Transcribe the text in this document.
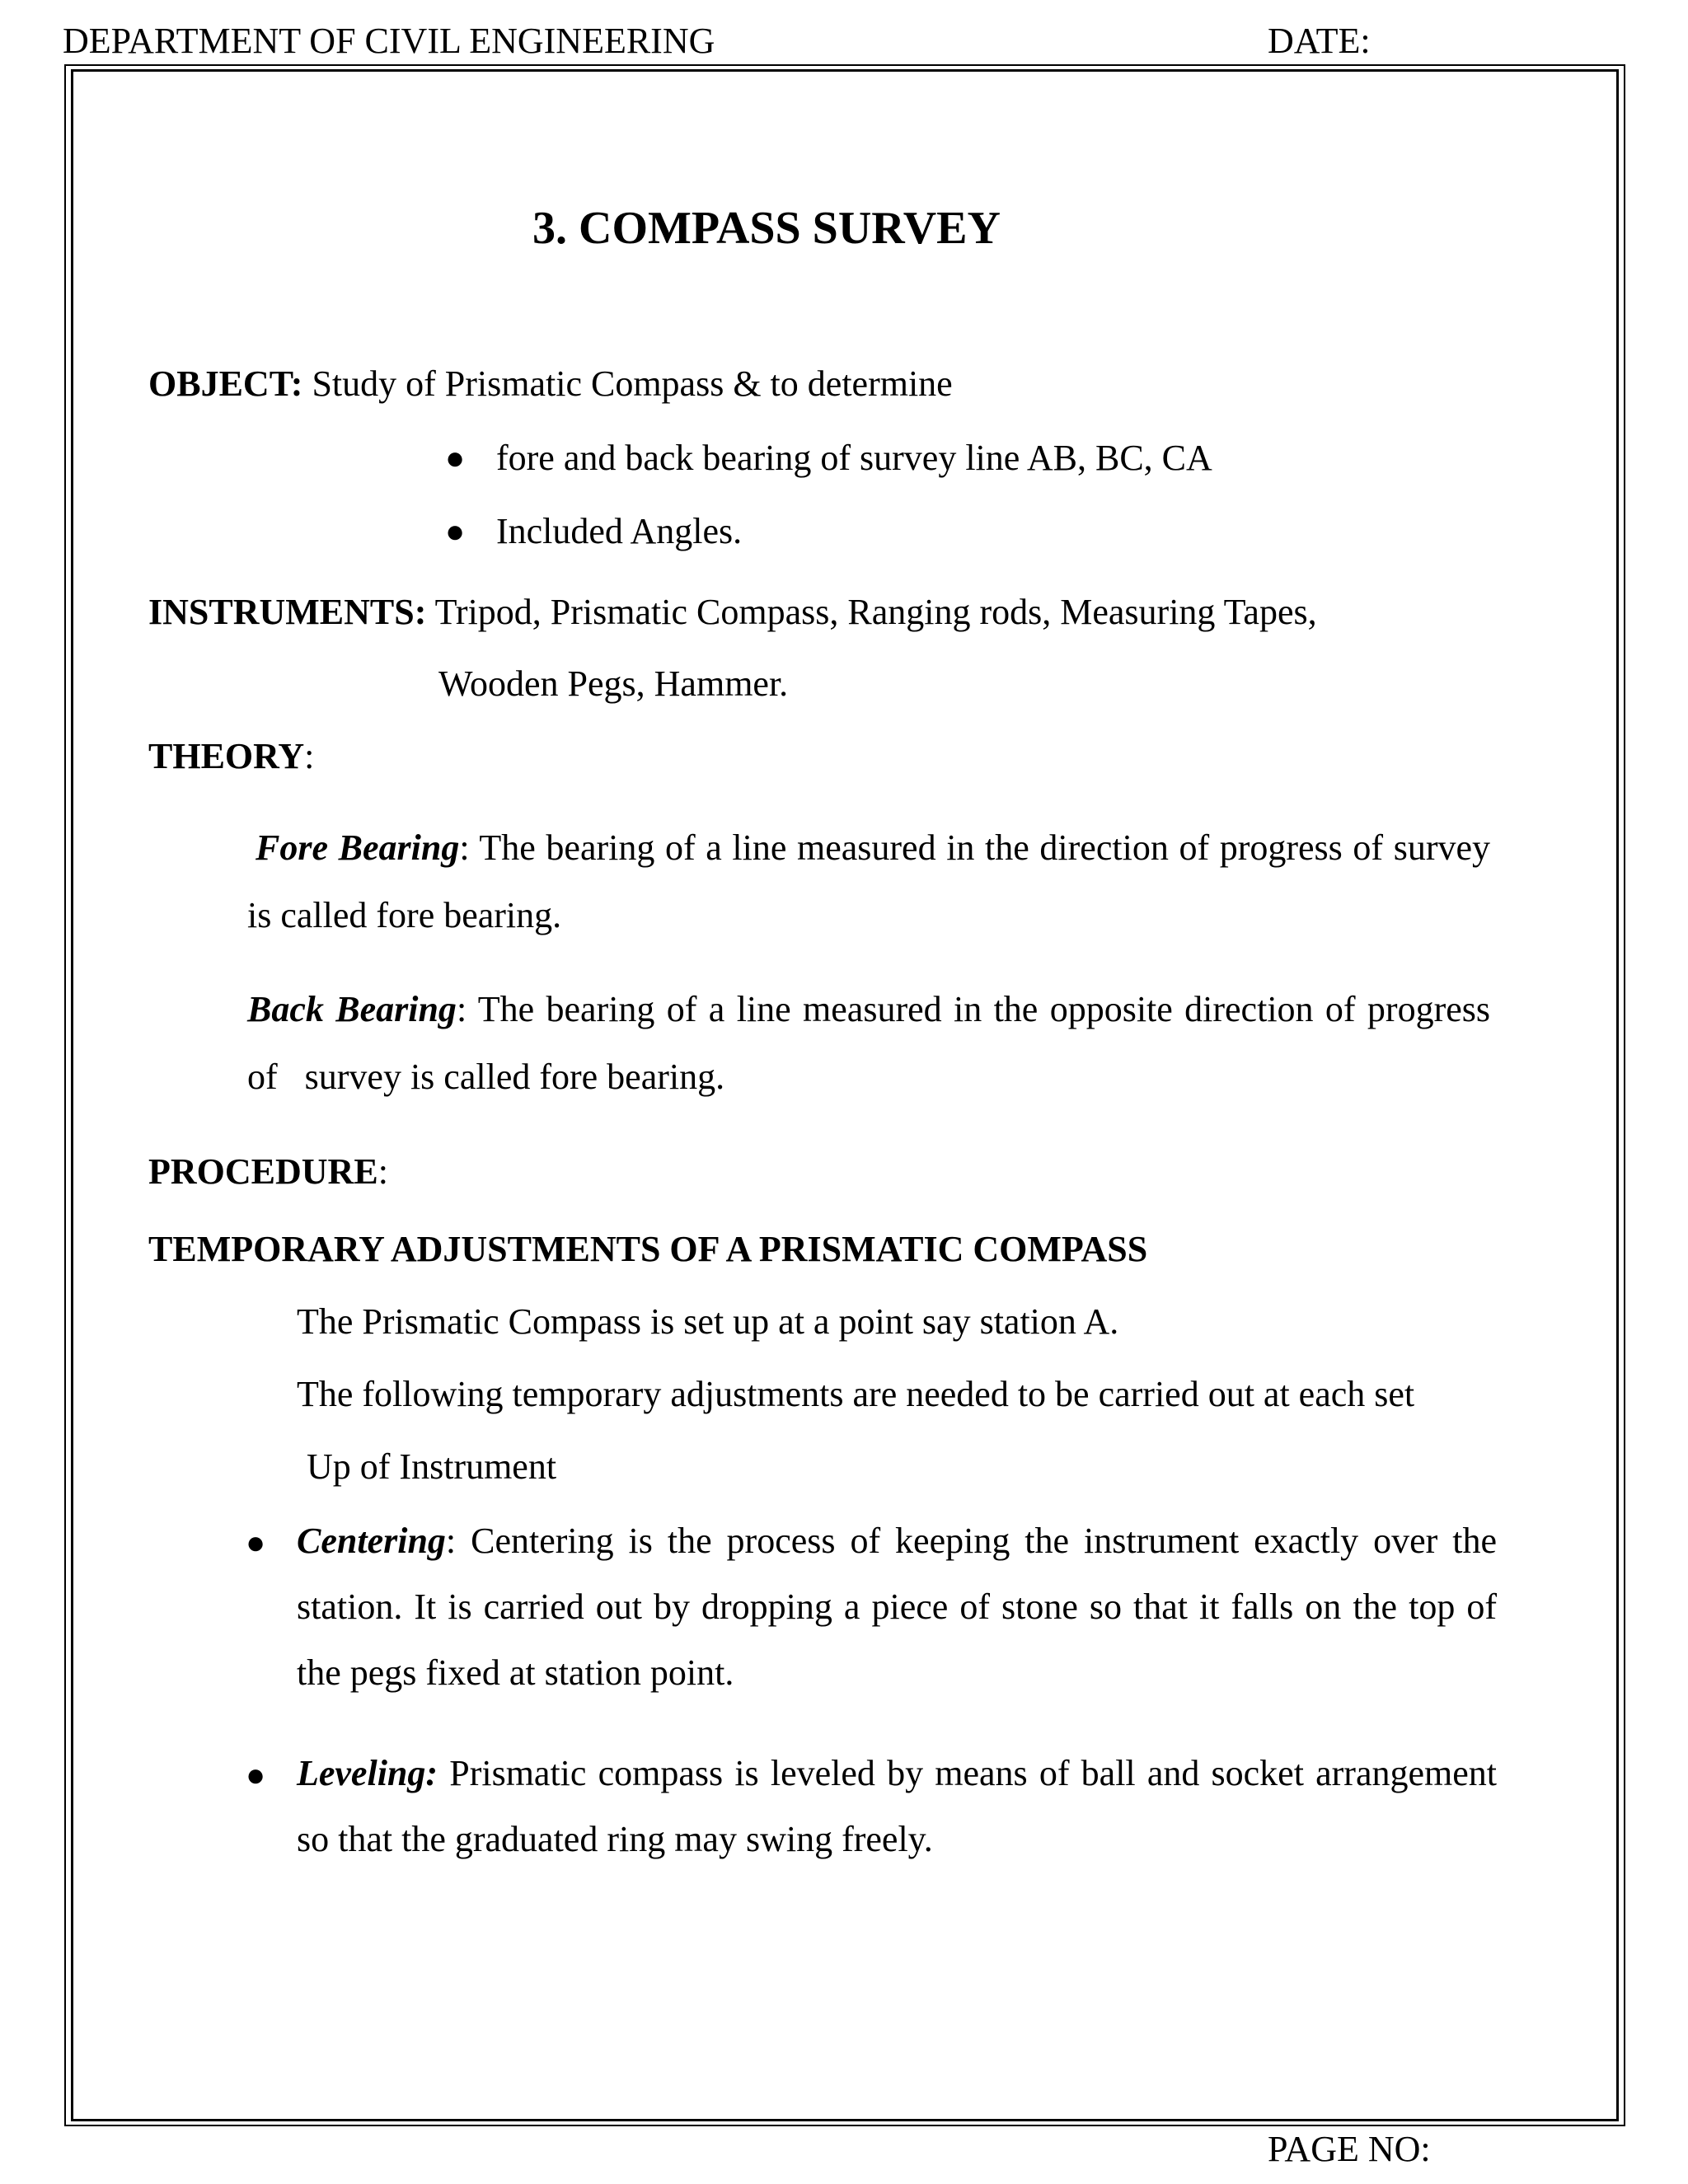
DEPARTMENT OF CIVIL ENGINEERING	DATE:
3. COMPASS SURVEY
OBJECT: Study of Prismatic Compass & to determine
● fore and back bearing of survey line AB, BC, CA
● Included Angles.
INSTRUMENTS: Tripod, Prismatic Compass, Ranging rods, Measuring Tapes,
Wooden Pegs, Hammer.
THEORY:
Fore Bearing: The bearing of a line measured in the direction of progress of survey is called fore bearing.
Back Bearing: The bearing of a line measured in the opposite direction of progress of   survey is called fore bearing.
PROCEDURE:
TEMPORARY ADJUSTMENTS OF A PRISMATIC COMPASS
The Prismatic Compass is set up at a point say station A.
The following temporary adjustments are needed to be carried out at each set
Up of Instrument
● Centering: Centering is the process of keeping the instrument exactly over the station. It is carried out by dropping a piece of stone so that it falls on the top of the pegs fixed at station point.
● Leveling: Prismatic compass is leveled by means of ball and socket arrangement so that the graduated ring may swing freely.
PAGE NO:
